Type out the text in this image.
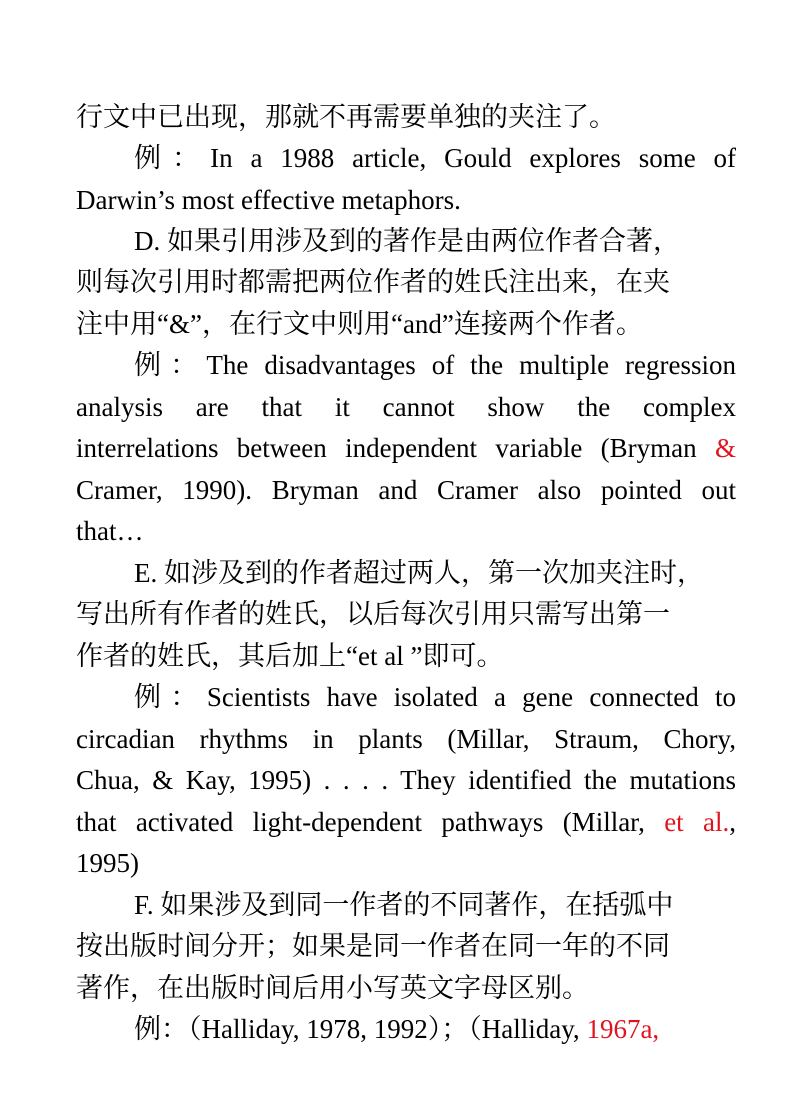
行文中已出现，那就不再需要单独的夹注了。
例：In a 1988 article, Gould explores some of
Darwin’s most effective metaphors.
D. 如果引用涉及到的著作是由两位作者合著，
则每次引用时都需把两位作者的姓氏注出来，在夹
注中用“&”，在行文中则用“and”连接两个作者。
例：The disadvantages of the multiple regression
analysis are that it cannot show the complex
interrelations between independent variable (Bryman &
Cramer, 1990). Bryman and Cramer also pointed out
that…
E. 如涉及到的作者超过两人，第一次加夹注时，
写出所有作者的姓氏，以后每次引用只需写出第一
作者的姓氏，其后加上“et al ”即可。
例：Scientists have isolated a gene connected to
circadian rhythms in plants (Millar, Straum, Chory,
Chua, & Kay, 1995) . . . . They identified the mutations
that activated light-dependent pathways (Millar, et al.,
1995)
F. 如果涉及到同一作者的不同著作，在括弧中
按出版时间分开；如果是同一作者在同一年的不同
著作，在出版时间后用小写英文字母区别。
例：（Halliday, 1978, 1992）；（Halliday, 1967a,
